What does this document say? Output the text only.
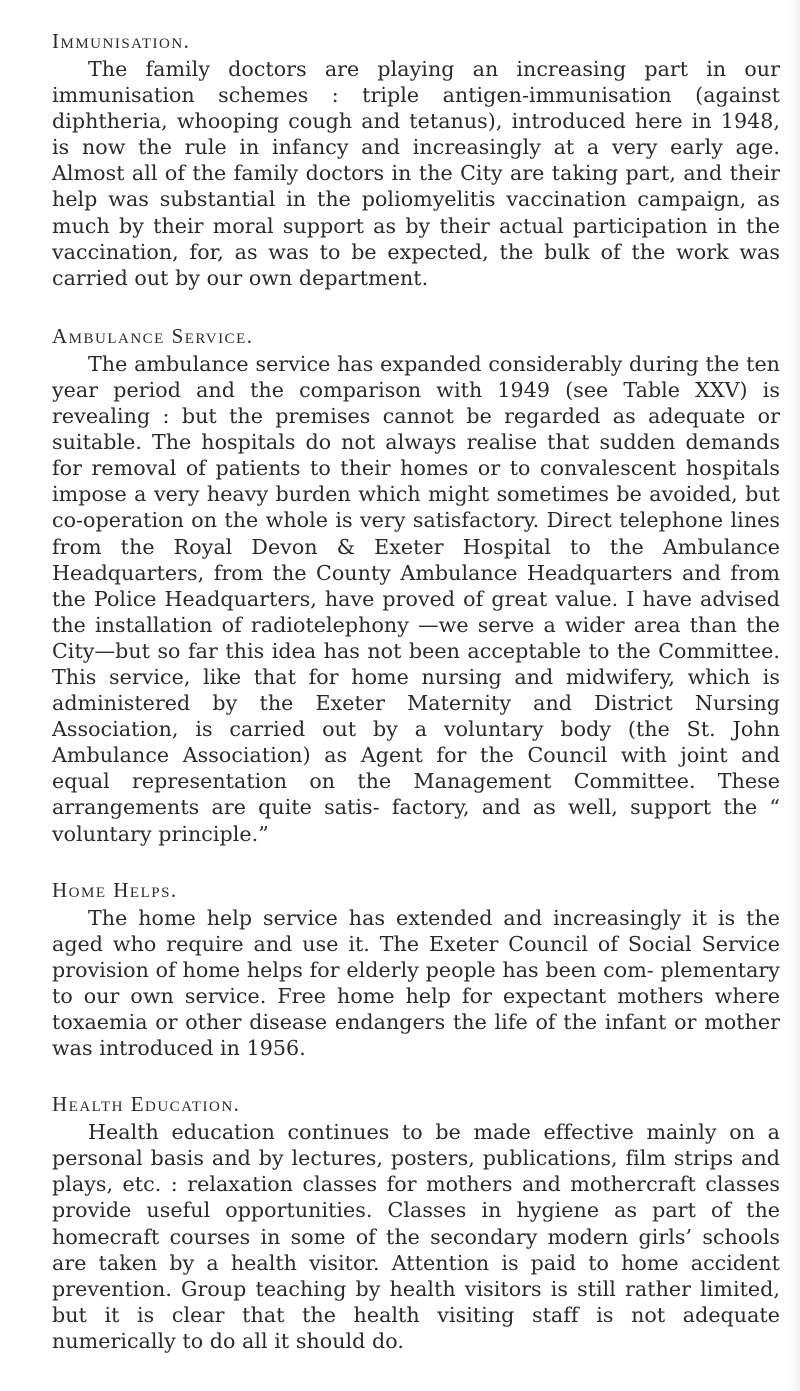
Immunisation.

The family doctors are playing an increasing part in our immunisation schemes : triple antigen-immunisation (against diphtheria, whooping cough and tetanus), introduced here in 1948, is now the rule in infancy and increasingly at a very early age. Almost all of the family doctors in the City are taking part, and their help was substantial in the poliomyelitis vaccination campaign, as much by their moral support as by their actual participation in the vaccination, for, as was to be expected, the bulk of the work was carried out by our own department.

Ambulance Service.

The ambulance service has expanded considerably during the ten year period and the comparison with 1949 (see Table XXV) is revealing : but the premises cannot be regarded as adequate or suitable. The hospitals do not always realise that sudden demands for removal of patients to their homes or to convalescent hospitals impose a very heavy burden which might sometimes be avoided, but co-operation on the whole is very satisfactory. Direct telephone lines from the Royal Devon & Exeter Hospital to the Ambulance Headquarters, from the County Ambulance Headquarters and from the Police Headquarters, have proved of great value. I have advised the installation of radiotelephony —we serve a wider area than the City—but so far this idea has not been acceptable to the Committee. This service, like that for home nursing and midwifery, which is administered by the Exeter Maternity and District Nursing Association, is carried out by a voluntary body (the St. John Ambulance Association) as Agent for the Council with joint and equal representation on the Management Committee. These arrangements are quite satis- factory, and as well, support the “ voluntary principle.”

Home Helps.

The home help service has extended and increasingly it is the aged who require and use it. The Exeter Council of Social Service provision of home helps for elderly people has been com- plementary to our own service. Free home help for expectant mothers where toxaemia or other disease endangers the life of the infant or mother was introduced in 1956.

Health Education.

Health education continues to be made effective mainly on a personal basis and by lectures, posters, publications, film strips and plays, etc. : relaxation classes for mothers and mothercraft classes provide useful opportunities. Classes in hygiene as part of the homecraft courses in some of the secondary modern girls’ schools are taken by a health visitor. Attention is paid to home accident prevention. Group teaching by health visitors is still rather limited, but it is clear that the health visiting staff is not adequate numerically to do all it should do.
